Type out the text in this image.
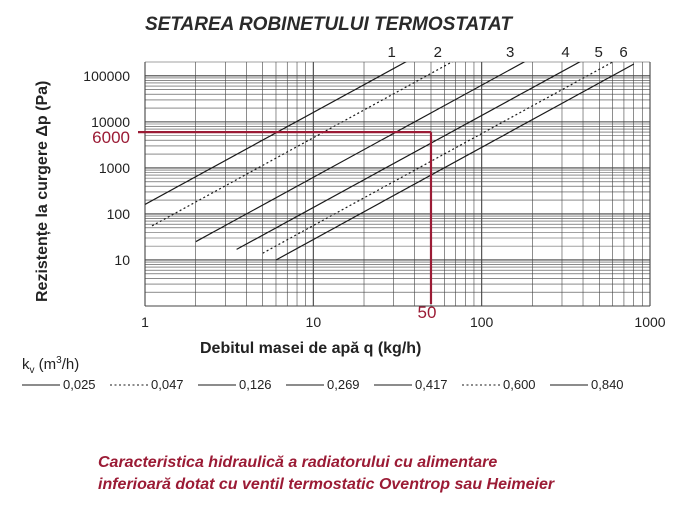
SETAREA ROBINETULUI TERMOSTATAT
6000
50
1	10	100	1000
10
100
1000
10000
100000
1	2	3	4 5 6
Debitul masei de apă q (kg/h)
Rezistențe la curgere Δp (Pa)
$k_v$ $(m^3/h)$
0,025	0,047	0,126	0,269	0,417	0,600	0,840
Caracteristica hidraulică a radiatorului cu alimentare
inferioară dotat cu ventil termostatic Oventrop sau Heimeier
